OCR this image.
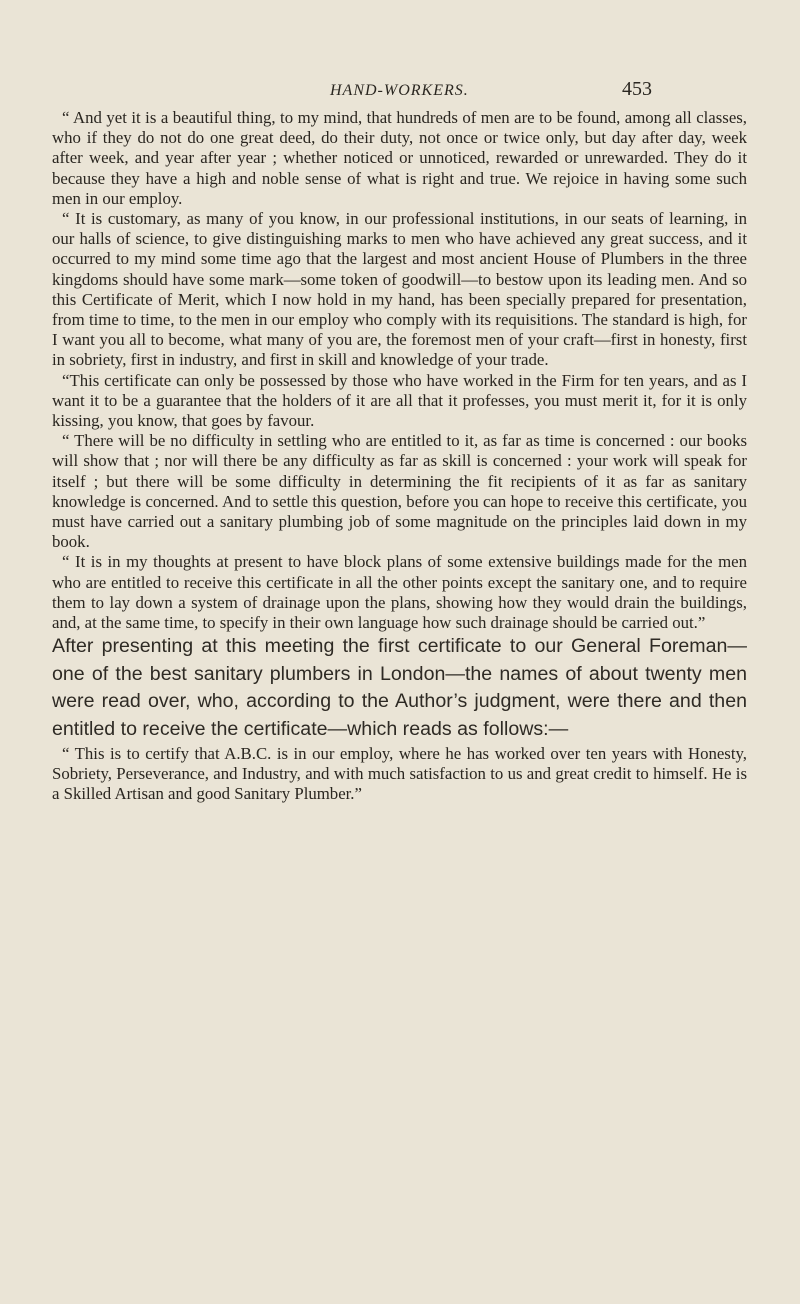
HAND-WORKERS.	453

“ And yet it is a beautiful thing, to my mind, that hundreds of men are to be found, among all classes, who if they do not do one great deed, do their duty, not once or twice only, but day after day, week after week, and year after year ; whether noticed or unnoticed, rewarded or unrewarded. They do it because they have a high and noble sense of what is right and true. We rejoice in having some such men in our employ.

“ It is customary, as many of you know, in our professional institutions, in our seats of learning, in our halls of science, to give distinguishing marks to men who have achieved any great success, and it occurred to my mind some time ago that the largest and most ancient House of Plumbers in the three kingdoms should have some mark—some token of goodwill—to bestow upon its leading men. And so this Certificate of Merit, which I now hold in my hand, has been specially prepared for presentation, from time to time, to the men in our employ who comply with its requisitions. The standard is high, for I want you all to become, what many of you are, the foremost men of your craft—first in honesty, first in sobriety, first in industry, and first in skill and knowledge of your trade.

“This certificate can only be possessed by those who have worked in the Firm for ten years, and as I want it to be a guarantee that the holders of it are all that it professes, you must merit it, for it is only kissing, you know, that goes by favour.

“ There will be no difficulty in settling who are entitled to it, as far as time is concerned : our books will show that ; nor will there be any difficulty as far as skill is concerned : your work will speak for itself ; but there will be some difficulty in determining the fit recipients of it as far as sanitary knowledge is concerned. And to settle this question, before you can hope to receive this certificate, you must have carried out a sanitary plumbing job of some magnitude on the principles laid down in my book.

“ It is in my thoughts at present to have block plans of some extensive buildings made for the men who are entitled to receive this certificate in all the other points except the sanitary one, and to require them to lay down a system of drainage upon the plans, showing how they would drain the buildings, and, at the same time, to specify in their own language how such drainage should be carried out.”

After presenting at this meeting the first certificate to our General Foreman—one of the best sanitary plumbers in London—the names of about twenty men were read over, who, according to the Author’s judgment, were there and then entitled to receive the certificate—which reads as follows:—

“ This is to certify that A.B.C. is in our employ, where he has worked over ten years with Honesty, Sobriety, Perseverance, and Industry, and with much satisfaction to us and great credit to himself. He is a Skilled Artisan and good Sanitary Plumber.”
